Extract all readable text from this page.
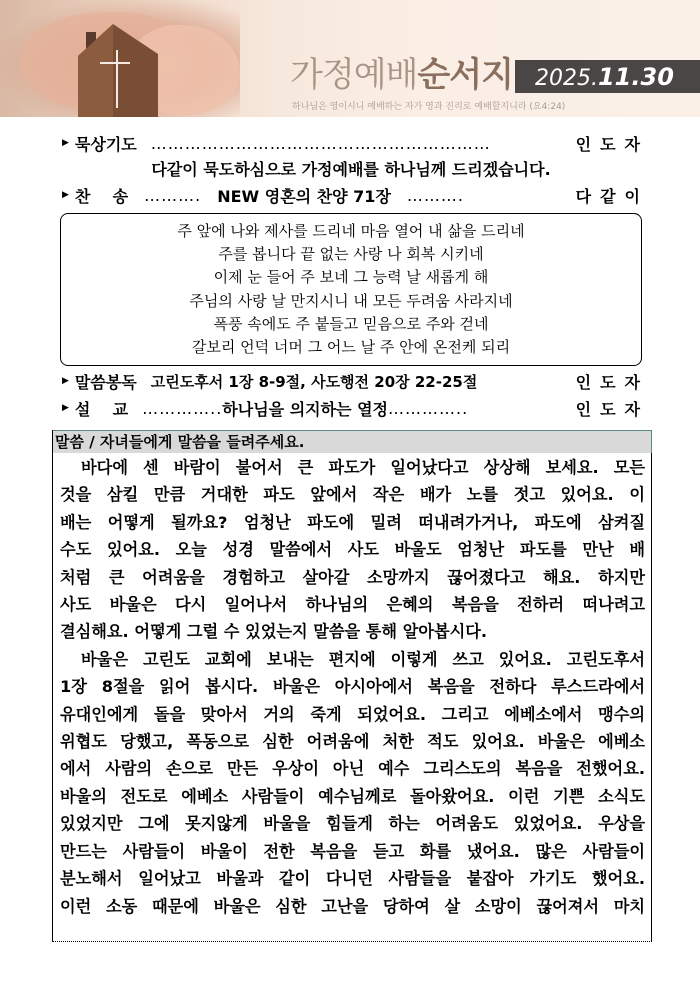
가정예배순서지 2025.11.30
하나님은 영이시니 예배하는 자가 영과 진리로 예배할지니라 (요4:24)
▶ 묵상기도 ……………………………………………………	인도자
다같이 묵도하심으로 가정예배를 하나님께 드리겠습니다.
▶ 찬    송 ………. NEW 영혼의 찬양 71장 ……….	다같이
주 앞에 나와 제사를 드리네 마음 열어 내 삶을 드리네
주를 봅니다 끝 없는 사랑 나 회복 시키네
이제 눈 들어 주 보네 그 능력 날 새롭게 해
주님의 사랑 날 만지시니 내 모든 두려움 사라지네
폭풍 속에도 주 붙들고 믿음으로 주와 걷네
갈보리 언덕 너머 그 어느 날 주 안에 온전케 되리
▶ 말씀봉독 고린도후서 1장 8-9절, 사도행전 20장 22-25절	인도자
▶ 설    교 ………….. 하나님을 의지하는 열정 …………..	인도자
말씀 / 자녀들에게 말씀을 들려주세요.

바다에 센 바람이 불어서 큰 파도가 일어났다고 상상해 보세요. 모든
것을 삼킬 만큼 거대한 파도 앞에서 작은 배가 노를 젓고 있어요. 이
배는 어떻게 될까요? 엄청난 파도에 밀려 떠내려가거나, 파도에 삼켜질
수도 있어요. 오늘 성경 말씀에서 사도 바울도 엄청난 파도를 만난 배
처럼 큰 어려움을 경험하고 살아갈 소망까지 끊어졌다고 해요. 하지만
사도 바울은 다시 일어나서 하나님의 은혜의 복음을 전하러 떠나려고
결심해요. 어떻게 그럴 수 있었는지 말씀을 통해 알아봅시다.

바울은 고린도 교회에 보내는 편지에 이렇게 쓰고 있어요. 고린도후서
1장 8절을 읽어 봅시다. 바울은 아시아에서 복음을 전하다 루스드라에서
유대인에게 돌을 맞아서 거의 죽게 되었어요. 그리고 에베소에서 맹수의
위협도 당했고, 폭동으로 심한 어려움에 처한 적도 있어요. 바울은 에베소
에서 사람의 손으로 만든 우상이 아닌 예수 그리스도의 복음을 전했어요.
바울의 전도로 에베소 사람들이 예수님께로 돌아왔어요. 이런 기쁜 소식도
있었지만 그에 못지않게 바울을 힘들게 하는 어려움도 있었어요. 우상을
만드는 사람들이 바울이 전한 복음을 듣고 화를 냈어요. 많은 사람들이
분노해서 일어났고 바울과 같이 다니던 사람들을 붙잡아 가기도 했어요.
이런 소동 때문에 바울은 심한 고난을 당하여 살 소망이 끊어져서 마치
